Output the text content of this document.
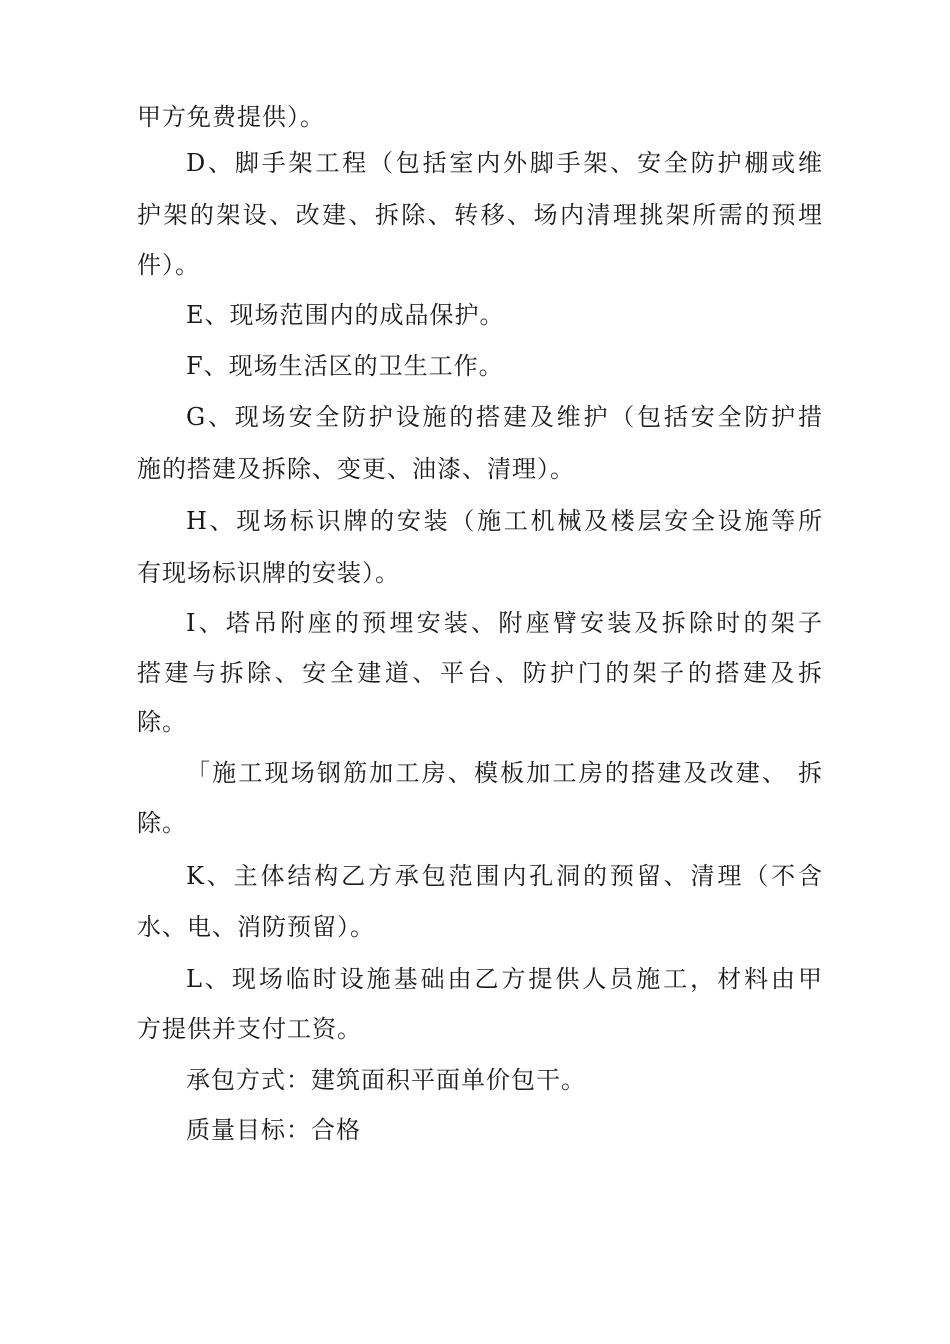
甲方免费提供）。
D、脚手架工程（包括室内外脚手架、安全防护棚或维
护架的架设、改建、拆除、转移、场内清理挑架所需的预埋
件）。
E、现场范围内的成品保护。
F、现场生活区的卫生工作。
G、现场安全防护设施的搭建及维护（包括安全防护措
施的搭建及拆除、变更、油漆、清理）。
H、现场标识牌的安装（施工机械及楼层安全设施等所
有现场标识牌的安装）。
I、塔吊附座的预埋安装、附座臂安装及拆除时的架子
搭建与拆除、安全建道、平台、防护门的架子的搭建及拆
除。
「施工现场钢筋加工房、模板加工房的搭建及改建、 拆
除。
K、主体结构乙方承包范围内孔洞的预留、清理（不含
水、电、消防预留）。
L、现场临时设施基础由乙方提供人员施工，材料由甲
方提供并支付工资。
承包方式：建筑面积平面单价包干。
质量目标：合格
